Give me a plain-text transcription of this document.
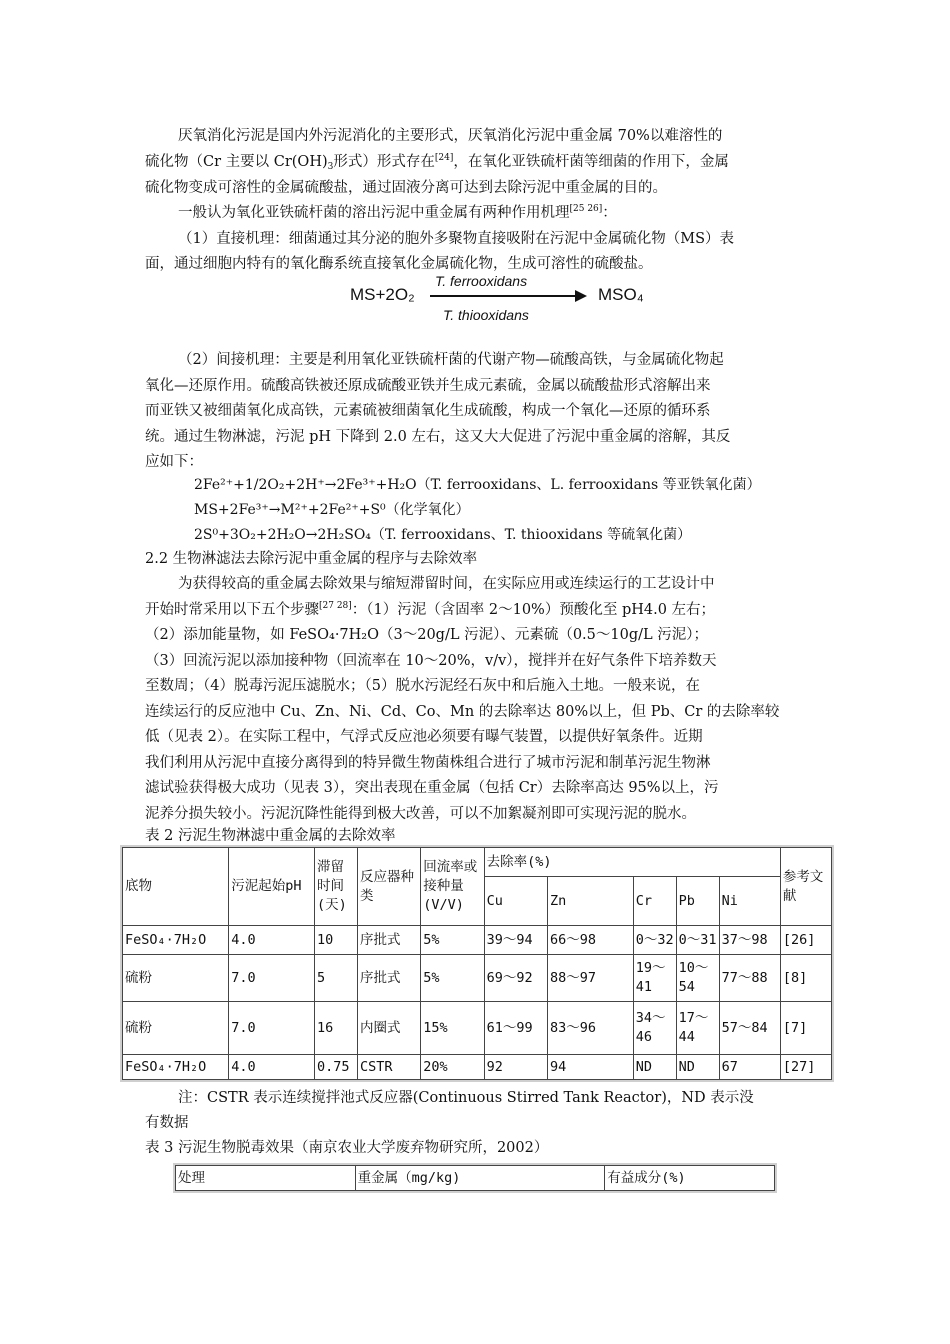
厌氧消化污泥是国内外污泥消化的主要形式，厌氧消化污泥中重金属 70%以难溶性的
硫化物（Cr 主要以 $Cr(OH)_3$形式）形式存在[24]，在氧化亚铁硫杆菌等细菌的作用下，金属
硫化物变成可溶性的金属硫酸盐，通过固液分离可达到去除污泥中重金属的目的。
一般认为氧化亚铁硫杆菌的溶出污泥中重金属有两种作用机理[25 26]：
（1）直接机理：细菌通过其分泌的胞外多聚物直接吸附在污泥中金属硫化物（MS）表
面，通过细胞内特有的氧化酶系统直接氧化金属硫化物，生成可溶性的硫酸盐。
MS+2O₂
T. ferrooxidans
T. thiooxidans
MSO₄
（2）间接机理：主要是利用氧化亚铁硫杆菌的代谢产物—硫酸高铁，与金属硫化物起
氧化—还原作用。硫酸高铁被还原成硫酸亚铁并生成元素硫，金属以硫酸盐形式溶解出来
而亚铁又被细菌氧化成高铁，元素硫被细菌氧化生成硫酸，构成一个氧化—还原的循环系
统。通过生物淋滤，污泥 pH 下降到 2.0 左右，这又大大促进了污泥中重金属的溶解，其反
应如下：
2Fe²⁺+1/2O₂+2H⁺→2Fe³⁺+H₂O（T. ferrooxidans、L. ferrooxidans 等亚铁氧化菌）
MS+2Fe³⁺→M²⁺+2Fe²⁺+S⁰（化学氧化）
2S⁰+3O₂+2H₂O→2H₂SO₄（T. ferrooxidans、T. thiooxidans 等硫氧化菌）
2.2 生物淋滤法去除污泥中重金属的程序与去除效率
为获得较高的重金属去除效果与缩短滞留时间，在实际应用或连续运行的工艺设计中
开始时常采用以下五个步骤[27 28]：（1）污泥（含固率 2～10%）预酸化至 pH4.0 左右；
（2）添加能量物，如 FeSO₄·7H₂O（3～20g/L 污泥）、元素硫（0.5～10g/L 污泥）；
（3）回流污泥以添加接种物（回流率在 10～20%，v/v），搅拌并在好气条件下培养数天
至数周；（4）脱毒污泥压滤脱水；（5）脱水污泥经石灰中和后施入土地。一般来说，在
连续运行的反应池中 Cu、Zn、Ni、Cd、Co、Mn 的去除率达 80%以上，但 Pb、Cr 的去除率较
低（见表 2）。在实际工程中，气浮式反应池必须要有曝气装置，以提供好氧条件。近期
我们利用从污泥中直接分离得到的特异微生物菌株组合进行了城市污泥和制革污泥生物淋
滤试验获得极大成功（见表 3），突出表现在重金属（包括 Cr）去除率高达 95%以上，污
泥养分损失较小。污泥沉降性能得到极大改善，可以不加絮凝剂即可实现污泥的脱水。
表 2 污泥生物淋滤中重金属的去除效率
底物	污泥起始pH	滞留时间(天)	反应器种类	回流率或接种量(V/V)	去除率(%)					参考文献
					Cu	Zn	Cr	Pb	Ni	
FeSO₄·7H₂O	4.0	10	序批式	5%	39～94	66～98	0～32	0～31	37～98	[26]
硫粉	7.0	5	序批式	5%	69～92	88～97	19～41	10～54	77～88	[8]
硫粉	7.0	16	内圈式	15%	61～99	83～96	34～46	17～44	57～84	[7]
FeSO₄·7H₂O	4.0	0.75	CSTR	20%	92	94	ND	ND	67	[27]
注：CSTR 表示连续搅拌池式反应器(Continuous Stirred Tank Reactor)，ND 表示没
有数据
表 3 污泥生物脱毒效果（南京农业大学废弃物研究所，2002）
处理	重金属（mg/kg)	有益成分(%)
